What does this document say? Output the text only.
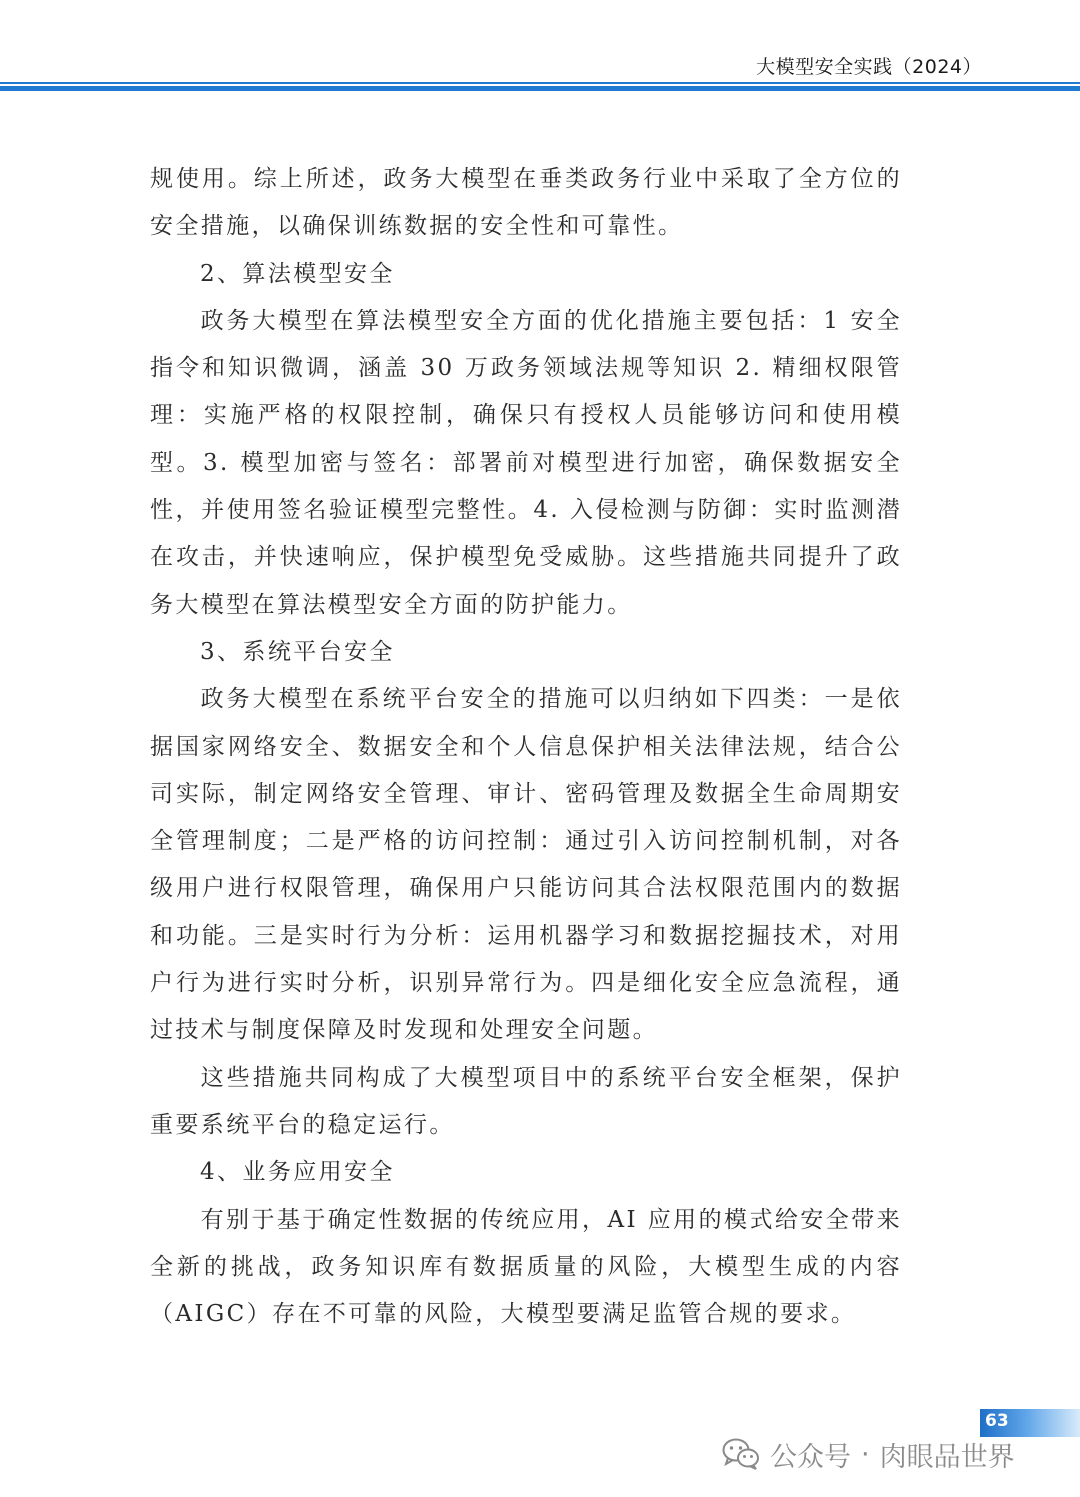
大模型安全实践（2024）

规使用。综上所述，政务大模型在垂类政务行业中采取了全方位的安全措施，以确保训练数据的安全性和可靠性。

2、算法模型安全

政务大模型在算法模型安全方面的优化措施主要包括：1 安全指令和知识微调，涵盖 30 万政务领域法规等知识 2. 精细权限管理：实施严格的权限控制，确保只有授权人员能够访问和使用模型。3. 模型加密与签名：部署前对模型进行加密，确保数据安全性，并使用签名验证模型完整性。4. 入侵检测与防御：实时监测潜在攻击，并快速响应，保护模型免受威胁。这些措施共同提升了政务大模型在算法模型安全方面的防护能力。

3、系统平台安全

政务大模型在系统平台安全的措施可以归纳如下四类：一是依据国家网络安全、数据安全和个人信息保护相关法律法规，结合公司实际，制定网络安全管理、审计、密码管理及数据全生命周期安全管理制度；二是严格的访问控制：通过引入访问控制机制，对各级用户进行权限管理，确保用户只能访问其合法权限范围内的数据和功能。三是实时行为分析：运用机器学习和数据挖掘技术，对用户行为进行实时分析，识别异常行为。四是细化安全应急流程，通过技术与制度保障及时发现和处理安全问题。

这些措施共同构成了大模型项目中的系统平台安全框架，保护重要系统平台的稳定运行。

4、业务应用安全

有别于基于确定性数据的传统应用，AI 应用的模式给安全带来全新的挑战，政务知识库有数据质量的风险，大模型生成的内容（AIGC）存在不可靠的风险，大模型要满足监管合规的要求。

63
公众号 · 肉眼品世界
